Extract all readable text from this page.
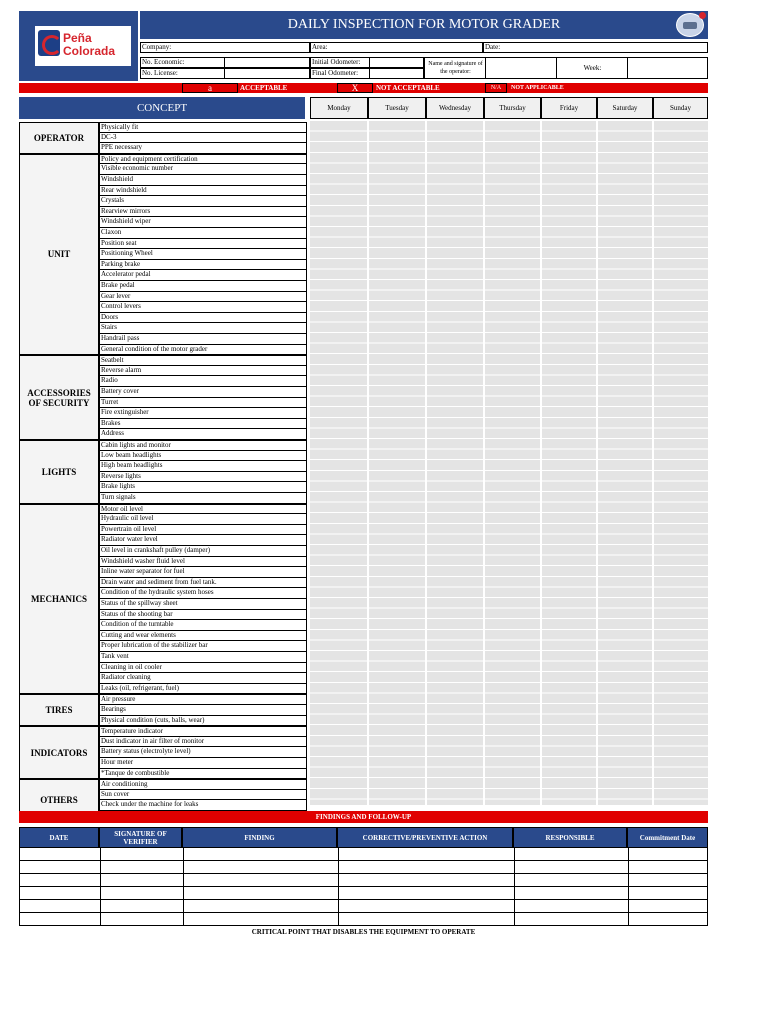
Peña
Colorada
DAILY INSPECTION FOR MOTOR GRADER
Company:	Area:	Date:
No. Economic:
No. License:
Initial Odometer:
Final Odometer:
Name and signature of the operator:	Week:
a	ACCEPTABLE	X	NOT ACCEPTABLE	N/A	NOT APPLICABLE
CONCEPT	Monday	Tuesday	Wednesday	Thursday	Friday	Saturday	Sunday
OPERATOR
Physically fit
DC-3
PPE necessary
UNIT
Policy and equipment certification
Visible economic number
Windshield
Rear windshield
Crystals
Rearview mirrors
Windshield wiper
Claxon
Position seat
Positioning Wheel
Parking brake
Accelerator pedal
Brake pedal
Gear lever
Control levers
Doors
Stairs
Handrail pass
General condition of the motor grader
ACCESSORIES OF SECURITY
Seatbelt
Reverse alarm
Radio
Battery cover
Turret
Fire extinguisher
Brakes
Address
LIGHTS
Cabin lights and monitor
Low beam headlights
High beam headlights
Reverse lights
Brake lights
Turn signals
MECHANICS
Motor oil level
Hydraulic oil level
Powertrain oil level
Radiator water level
Oil level in crankshaft pulley (damper)
Windshield washer fluid level
Inline water separator for fuel
Drain water and sediment from fuel tank.
Condition of the hydraulic system hoses
Status of the spillway sheet
Status of the shooting bar
Condition of the turntable
Cutting and wear elements
Proper lubrication of the stabilizer bar
Tank vent
Cleaning in oil cooler
Radiator cleaning
Leaks (oil, refrigerant, fuel)
TIRES
Air pressure
Bearings
Physical condition (cuts, balls, wear)
INDICATORS
Temperature indicator
Dust indicator in air filter of monitor
Battery status (electrolyte level)
Hour meter
*Tanque de combustible
OTHERS
Air conditioning
Sun cover
Check under the machine for leaks
FINDINGS AND FOLLOW-UP
DATE	SIGNATURE OF VERIFIER	FINDING	CORRECTIVE/PREVENTIVE ACTION	RESPONSIBLE	Commitment Date
CRITICAL POINT THAT DISABLES THE EQUIPMENT TO OPERATE
